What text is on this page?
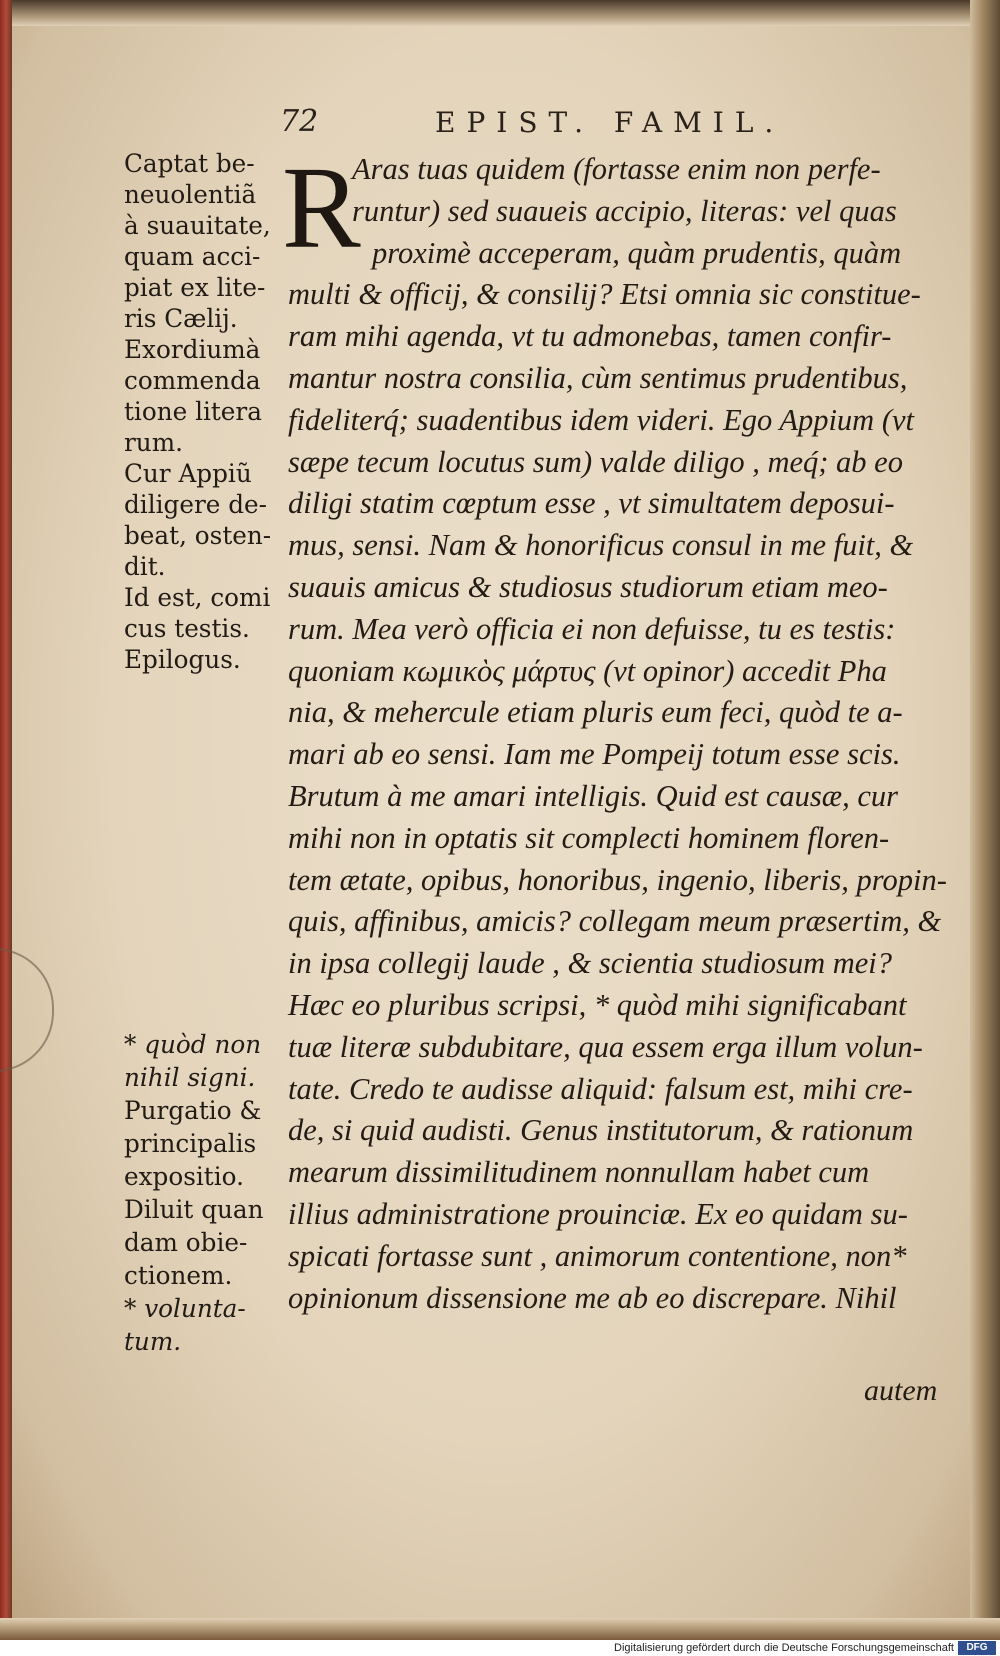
72	EPIST. FAMIL.
R
Captat be-
neuolentiã
à suauitate,
quam acci-
piat ex lite-
ris Cælij.
Exordiumà
commenda
tione litera
rum.
Cur Appiũ
diligere de-
beat, osten-
dit.
Id est, comi
cus testis.
Epilogus.
* quòd non
nihil signi.
Purgatio &
principalis
expositio.
Diluit quan
dam obie-
ctionem.
* volunta-
tum.
Aras tuas quidem (fortasse enim non perfe-
runtur) sed suaueis accipio, literas: vel quas
proximè acceperam, quàm prudentis, quàm
multi & officij, & consilij? Etsi omnia sic constitue-
ram mihi agenda, vt tu admonebas, tamen confir-
mantur nostra consilia, cùm sentimus prudentibus,
fideliterq́; suadentibus idem videri. Ego Appium (vt
sæpe tecum locutus sum) valde diligo , meq́; ab eo
diligi statim cœptum esse , vt simultatem deposui-
mus, sensi. Nam & honorificus consul in me fuit, &
suauis amicus & studiosus studiorum etiam meo-
rum. Mea verò officia ei non defuisse, tu es testis:
quoniam κωμικὸς μάρτυς (vt opinor) accedit Pha
nia, & mehercule etiam pluris eum feci, quòd te a-
mari ab eo sensi. Iam me Pompeij totum esse scis.
Brutum à me amari intelligis. Quid est causæ, cur
mihi non in optatis sit complecti hominem floren-
tem ætate, opibus, honoribus, ingenio, liberis, propin-
quis, affinibus, amicis? collegam meum præsertim, &
in ipsa collegij laude , & scientia studiosum mei?
Hæc eo pluribus scripsi, * quòd mihi significabant
tuæ literæ subdubitare, qua essem erga illum volun-
tate. Credo te audisse aliquid: falsum est, mihi cre-
de, si quid audisti. Genus institutorum, & rationum
mearum dissimilitudinem nonnullam habet cum
illius administratione prouinciæ. Ex eo quidam su-
spicati fortasse sunt , animorum contentione, non*
opinionum dissensione me ab eo discrepare. Nihil
autem
Digitalisierung gefördert durch die Deutsche Forschungsgemeinschaft	DFG
